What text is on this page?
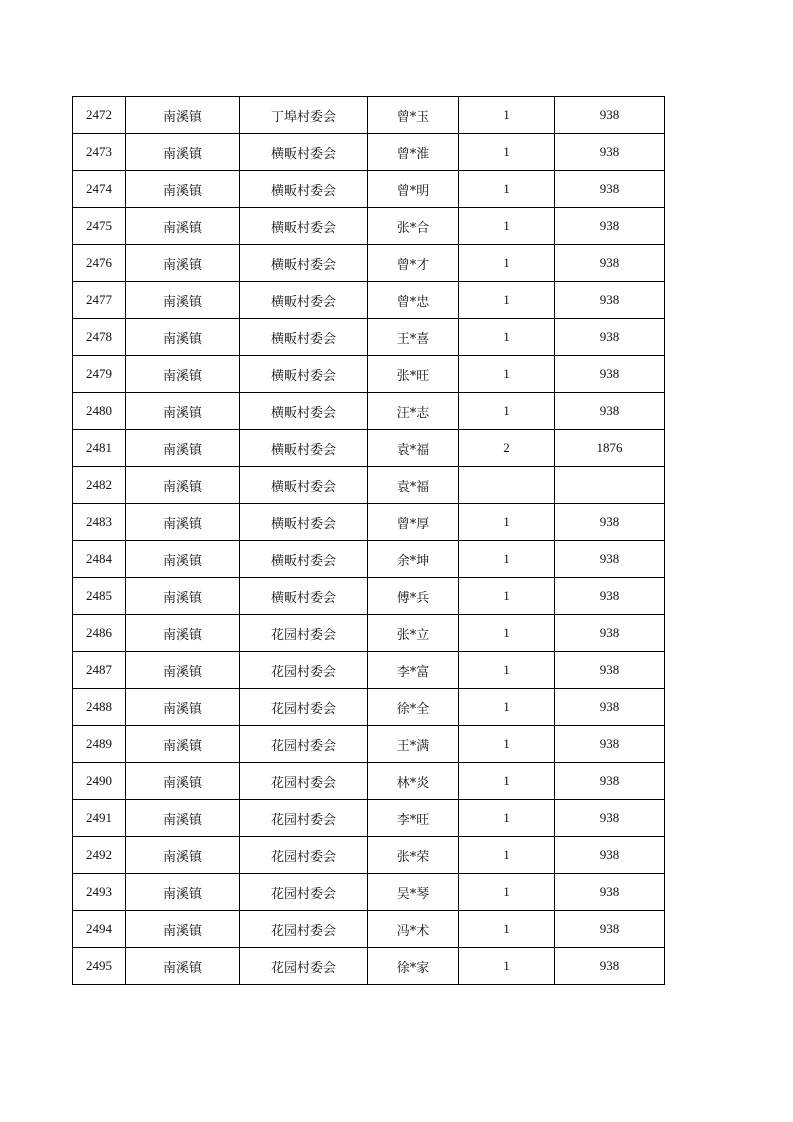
2472	南溪镇	丁埠村委会	曾*玉	1	938
2473	南溪镇	横畈村委会	曾*淮	1	938
2474	南溪镇	横畈村委会	曾*明	1	938
2475	南溪镇	横畈村委会	张*合	1	938
2476	南溪镇	横畈村委会	曾*才	1	938
2477	南溪镇	横畈村委会	曾*忠	1	938
2478	南溪镇	横畈村委会	王*喜	1	938
2479	南溪镇	横畈村委会	张*旺	1	938
2480	南溪镇	横畈村委会	汪*志	1	938
2481	南溪镇	横畈村委会	袁*福	2	1876
2482	南溪镇	横畈村委会	袁*福		
2483	南溪镇	横畈村委会	曾*厚	1	938
2484	南溪镇	横畈村委会	余*坤	1	938
2485	南溪镇	横畈村委会	傅*兵	1	938
2486	南溪镇	花园村委会	张*立	1	938
2487	南溪镇	花园村委会	李*富	1	938
2488	南溪镇	花园村委会	徐*全	1	938
2489	南溪镇	花园村委会	王*满	1	938
2490	南溪镇	花园村委会	林*炎	1	938
2491	南溪镇	花园村委会	李*旺	1	938
2492	南溪镇	花园村委会	张*荣	1	938
2493	南溪镇	花园村委会	吴*琴	1	938
2494	南溪镇	花园村委会	冯*术	1	938
2495	南溪镇	花园村委会	徐*家	1	938
